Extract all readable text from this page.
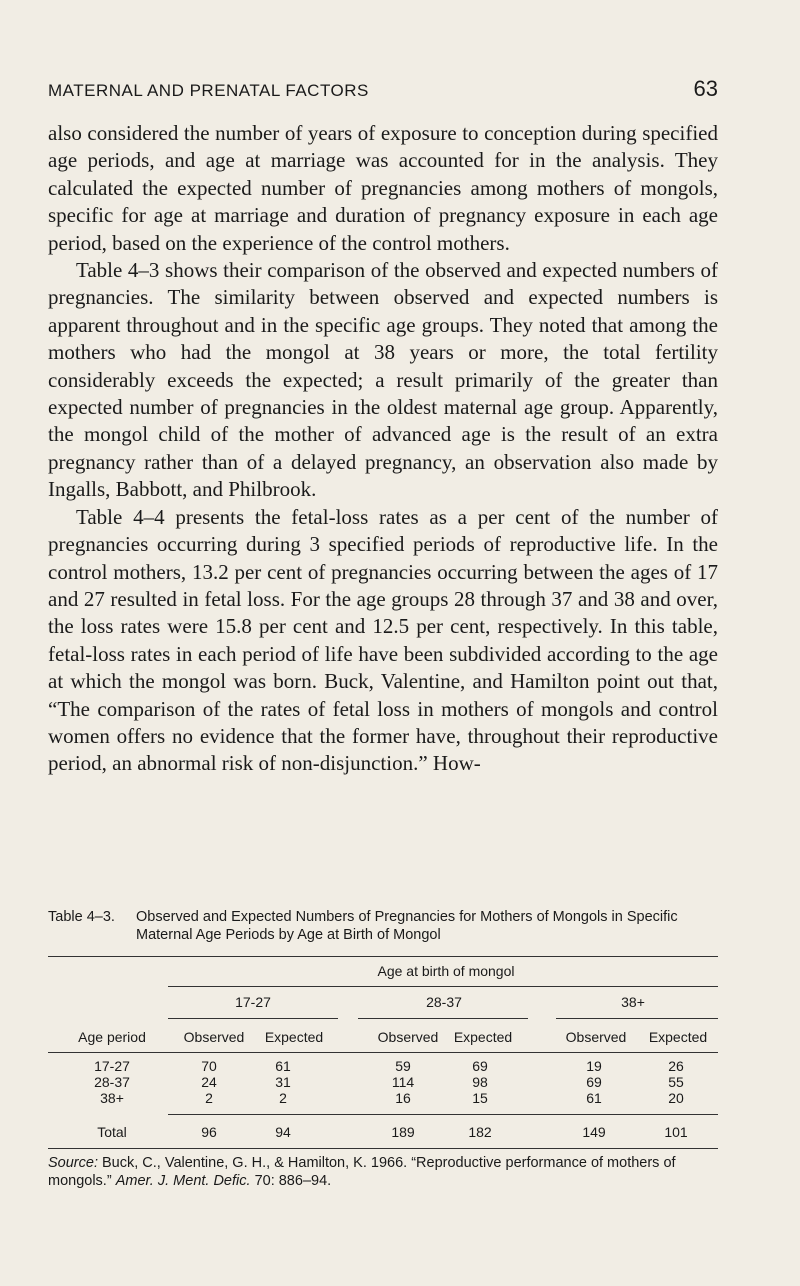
MATERNAL AND PRENATAL FACTORS	63

also considered the number of years of exposure to conception during specified age periods, and age at marriage was accounted for in the analysis. They calculated the expected number of pregnancies among mothers of mongols, specific for age at marriage and duration of pregnancy exposure in each age period, based on the experience of the control mothers.

Table 4–3 shows their comparison of the observed and expected numbers of pregnancies. The similarity between observed and expected numbers is apparent throughout and in the specific age groups. They noted that among the mothers who had the mongol at 38 years or more, the total fertility considerably exceeds the expected; a result primarily of the greater than expected number of pregnancies in the oldest maternal age group. Apparently, the mongol child of the mother of advanced age is the result of an extra pregnancy rather than of a delayed pregnancy, an observation also made by Ingalls, Babbott, and Philbrook.

Table 4–4 presents the fetal-loss rates as a per cent of the number of pregnancies occurring during 3 specified periods of reproductive life. In the control mothers, 13.2 per cent of pregnancies occurring between the ages of 17 and 27 resulted in fetal loss. For the age groups 28 through 37 and 38 and over, the loss rates were 15.8 per cent and 12.5 per cent, respectively. In this table, fetal-loss rates in each period of life have been subdivided according to the age at which the mongol was born. Buck, Valentine, and Hamilton point out that, “The comparison of the rates of fetal loss in mothers of mongols and control women offers no evidence that the former have, throughout their reproductive period, an abnormal risk of non-disjunction.” How-

Table 4–3.	Observed and Expected Numbers of Pregnancies for Mothers of Mongols in Specific Maternal Age Periods by Age at Birth of Mongol
Age at birth of mongol
17-27	28-37	38+
Age period	Observed Expected	Observed Expected	Observed Expected
17-27	70	61	59	69	19	26
28-37	24	31	114	98	69	55
38+	2	2	16	15	61	20
Total	96	94	189	182	149	101
Source: Buck, C., Valentine, G. H., & Hamilton, K. 1966. “Reproductive performance of mothers of mongols.” Amer. J. Ment. Defic. 70: 886–94.
